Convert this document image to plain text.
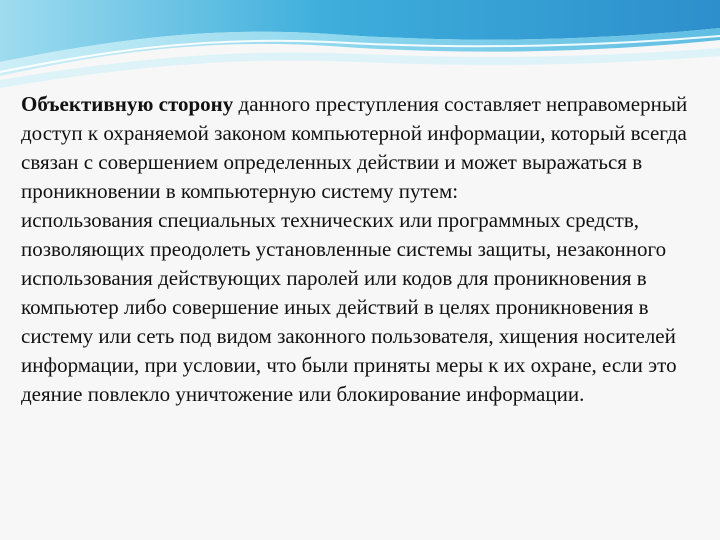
Объективную сторону данного преступления составляет неправомерный доступ к охраняемой законом компьютерной информации, который всегда связан с совершением определенных действии и может выражаться в проникновении в компьютерную систему путем:

использования специальных технических или программных средств, позволяющих преодолеть установленные системы защиты, незаконного использования действующих паролей или кодов для проникновения в компьютер либо совершение иных действий в целях проникновения в систему или сеть под видом законного пользователя, хищения носителей информации, при условии, что были приняты меры к их охране, если это деяние повлекло уничтожение или блокирование информации.
